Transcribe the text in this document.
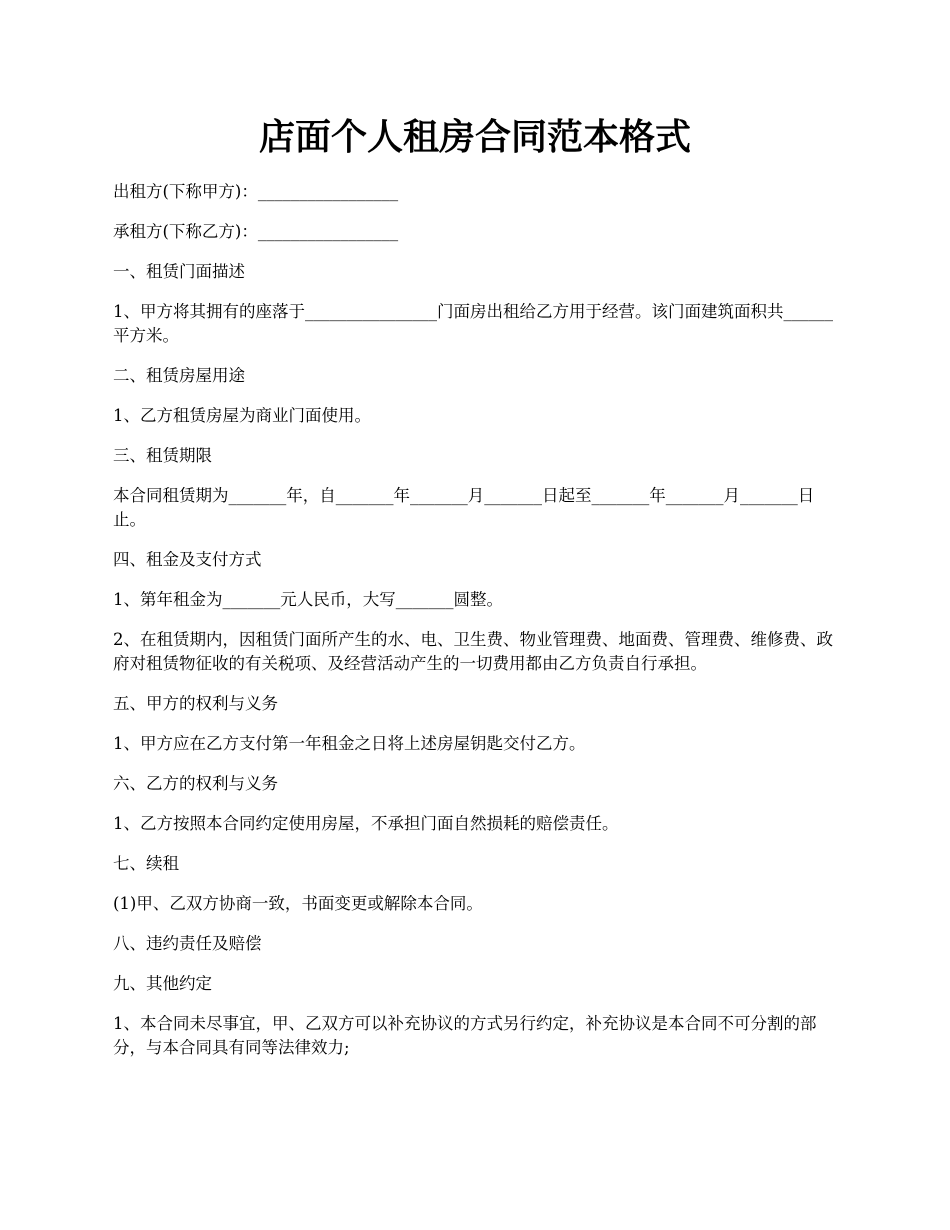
店面个人租房合同范本格式

出租方(下称甲方)：_________________

承租方(下称乙方)：_________________

一、租赁门面描述

1、甲方将其拥有的座落于________________门面房出租给乙方用于经营。该门面建筑面积共______平方米。

二、租赁房屋用途

1、乙方租赁房屋为商业门面使用。

三、租赁期限

本合同租赁期为_______年，自_______年_______月_______日起至_______年_______月_______日止。

四、租金及支付方式

1、第年租金为_______元人民币，大写_______圆整。

2、在租赁期内，因租赁门面所产生的水、电、卫生费、物业管理费、地面费、管理费、维修费、政府对租赁物征收的有关税项、及经营活动产生的一切费用都由乙方负责自行承担。

五、甲方的权利与义务

1、甲方应在乙方支付第一年租金之日将上述房屋钥匙交付乙方。

六、乙方的权利与义务

1、乙方按照本合同约定使用房屋，不承担门面自然损耗的赔偿责任。

七、续租

(1)甲、乙双方协商一致，书面变更或解除本合同。

八、违约责任及赔偿

九、其他约定

1、本合同未尽事宜，甲、乙双方可以补充协议的方式另行约定，补充协议是本合同不可分割的部分，与本合同具有同等法律效力;
